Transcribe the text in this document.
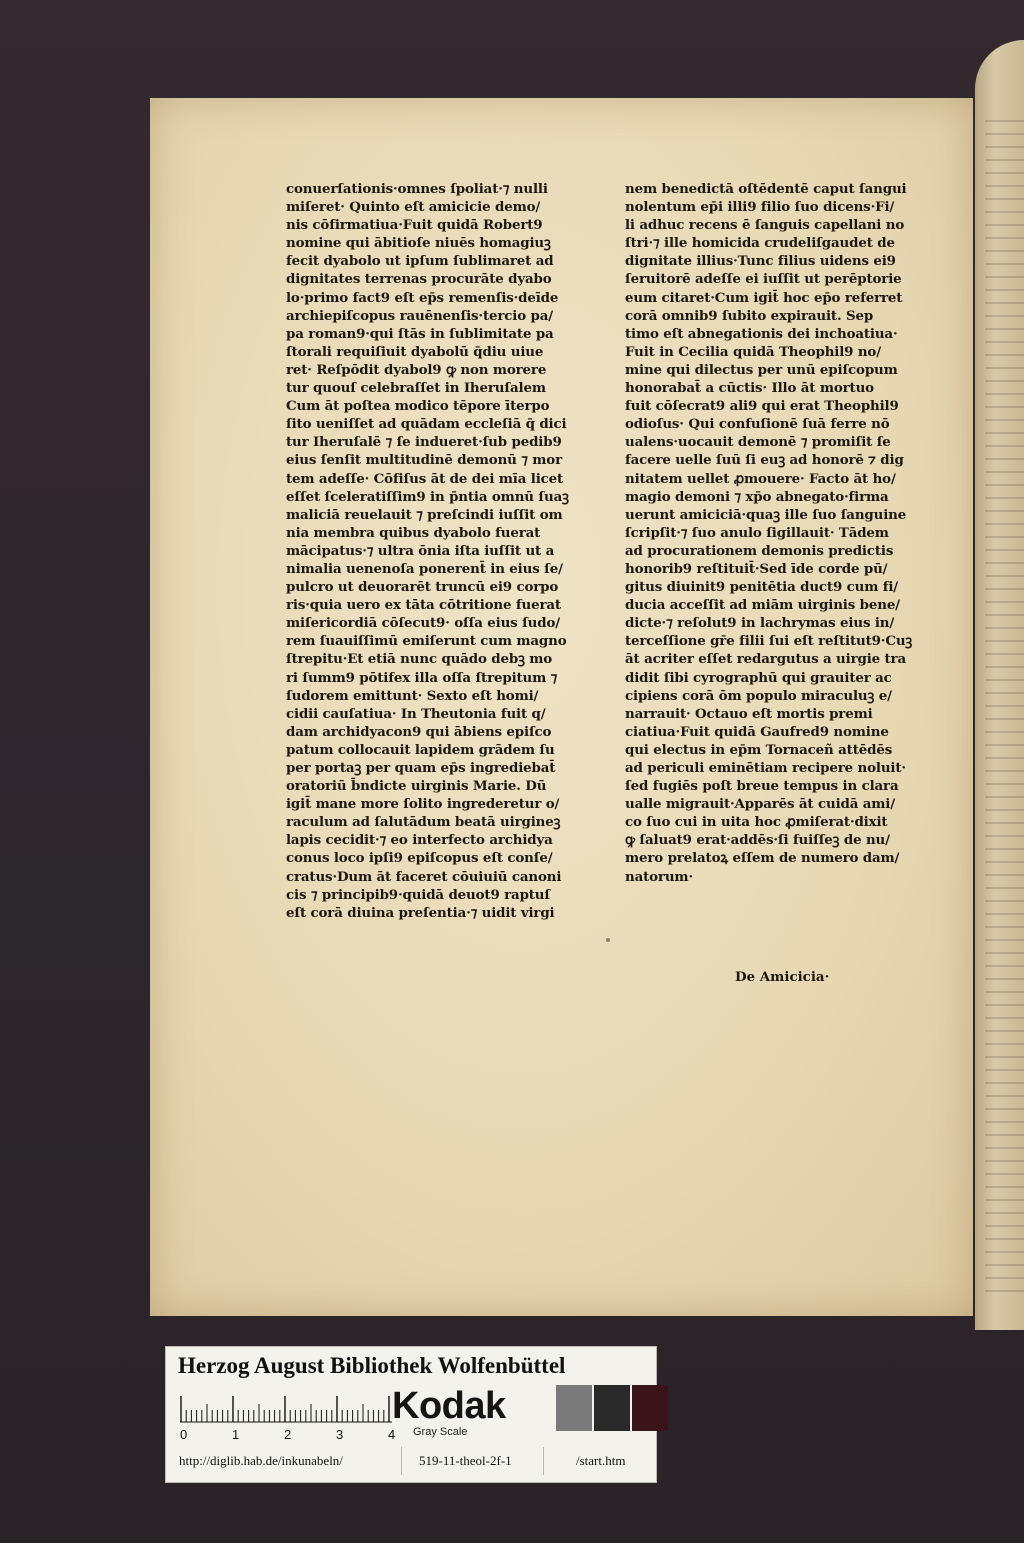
conuerſationis·omnes ſpoliat·⁊ nulli
miſeret· Quinto eſt amicicie demo/
nis cōfirmatiua·Fuit quidā Robert9
nomine qui ābitioſe niuēs homagiuꝫ
fecit dyabolo ut ipſum ſublimaret ad
dignitates terrenas procurāte dyabo
lo·primo fact9 eſt ep̄s remenſis·deīde
archiepiſcopus rauēnenſis·tercio pa/
pa roman9·qui ſtās in ſublimitate pa
ſtorali requiſiuit dyabolū q̄diu uiue
ret· Reſpōdit dyabol9 ꝙ non morere
tur quouſ celebraſſet in Iheruſalem
Cum āt poſtea modico tēpore īterpo
ſito ueniſſet ad quādam eccleſiā q̄ dici
tur Iheruſalē ⁊ ſe indueret·ſub pedib9
eius ſenſit multitudinē demonū ⁊ mor
tem adeſſe· Cōfiſus āt de dei mīa licet
eſſet ſceleratiſſim9 in p̄ntia omnū ſuaꝫ
maliciā reuelauit ⁊ preſcindi iuſſit om
nia membra quibus dyabolo fuerat
mācipatus·⁊ ultra ōnia iſta iuſſit ut a
nimalia uenenoſa ponerent̄ in eius ſe/
pulcro ut deuorarēt truncū ei9 corpo
ris·quia uero ex tāta cōtritione fuerat
miſericordiā cōſecut9· oſſa eius ſudo/
rem ſuauiſſimū emiſerunt cum magno
ſtrepitu·Et etiā nunc quādo debꝫ mo
ri ſumm9 pōtifex illa oſſa ſtrepitum ⁊
ſudorem emittunt· Sexto eſt homi/
cidii cauſatiua· In Theutonia fuit q/
dam archidyacon9 qui ābiens epiſco
patum collocauit lapidem grādem ſu
per portaꝫ per quam ep̄s ingrediebat̄
oratoriū b̄ndicte uirginis Marie. Dū
igit̄ mane more ſolito ingrederetur o/
raculum ad ſalutādum beatā uirgineꝫ
lapis cecidit·⁊ eo interfecto archidya
conus loco ipſi9 epiſcopus eſt conſe/
cratus·Dum āt faceret cōuiuiū canoni
cis ⁊ principib9·quidā deuot9 raptuſ
eſt corā diuina preſentia·⁊ uidit virgi
nem benedictā oſtēdentē caput ſangui
nolentum ep̄i illi9 filio ſuo dicens·Fi/
li adhuc recens ē ſanguis capellani no
ſtri·⁊ ille homicida crudeliſgaudet de
dignitate illius·Tunc filius uidens ei9
ſeruitorē adeſſe ei iuſſit ut perēptorie
eum citaret·Cum igit̄ hoc ep̄o referret
corā omnib9 ſubito expirauit. Sep
timo eſt abnegationis dei inchoatiua·
Fuit in Cecilia quidā Theophil9 no/
mine qui dilectus per unū epiſcopum
honorabat̄ a cūctis· Illo āt mortuo
fuit cōſecrat9 ali9 qui erat Theophil9
odioſus· Qui confuſionē ſuā ferre nō
ualens·uocauit demonē ⁊ promiſit ſe
facere uelle ſuū ſi euꝫ ad honorē ⁊ dig
nitatem uellet ꝓmouere· Facto āt ho/
magio demoni ⁊ xp̄o abnegato·firma
uerunt amiciciā·quaꝫ ille ſuo ſanguine
ſcripſit·⁊ ſuo anulo ſigillauit· Tādem
ad procurationem demonis predictis
honorib9 reſtituit̄·Sed īde corde pū/
gitus diuinit9 penitētia duct9 cum fi/
ducia acceſſit ad miām uirginis bene/
dicte·⁊ reſolut9 in lachrymas eius in/
terceſſione gr̄e filii ſui eſt reſtitut9·Cuꝫ
āt acriter eſſet redargutus a uirgie tra
didit ſibi cyrographū qui grauiter ac
cipiens corā ōm populo miraculuꝫ e/
narrauit· Octauo eſt mortis premi
ciatiua·Fuit quidā Gaufred9 nomine
qui electus in ep̄m Tornaceñ attēdēs
ad periculi eminētiam recipere noluit·
ſed fugiēs poſt breue tempus in clara
ualle migrauit·Apparēs āt cuidā ami/
co ſuo cui in uita hoc ꝓmiſerat·dixit
ꝙ ſaluat9 erat·addēs·ſi fuiſſeꝫ de nu/
mero prelatoꝝ eſſem de numero dam/
natorum·
De Amicicia·
Herzog August Bibliothek Wolfenbüttel
0	1	2	3	4
Kodak
Gray Scale
http://diglib.hab.de/inkunabeln/	519-11-theol-2f-1	/start.htm
